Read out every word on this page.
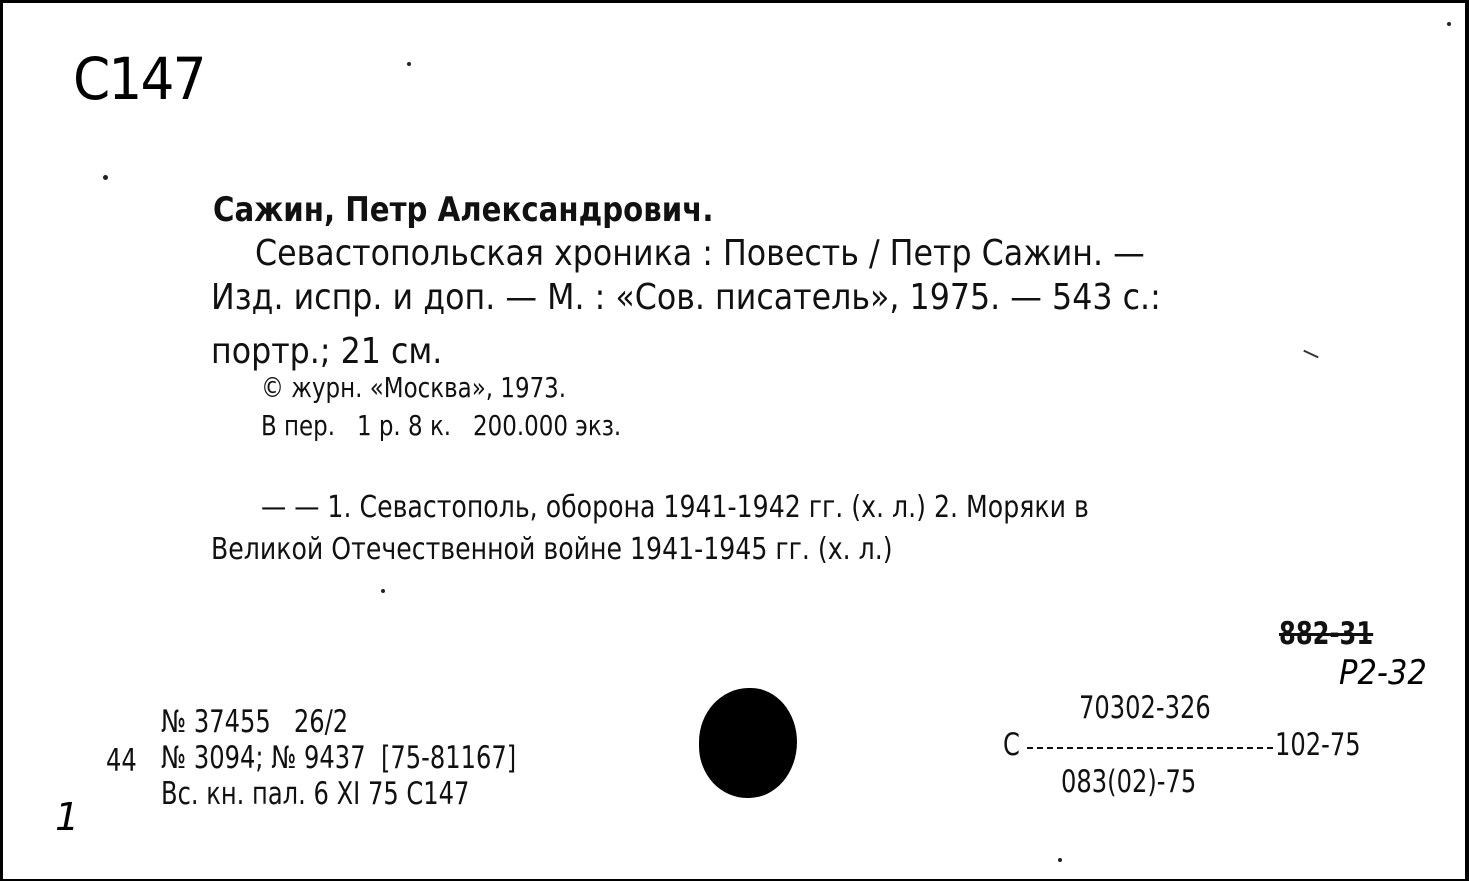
С147
Сажин, Петр Александрович.
Севастопольская хроника : Повесть / Петр Сажин. —
Изд. испр. и доп. — М. : «Сов. писатель», 1975. — 543 с.:
портр.; 21 см.
© журн. «Москва», 1973.
В пер.   1 р. 8 к.   200.000 экз.
— — 1. Севастополь, оборона 1941-1942 гг. (х. л.) 2. Моряки в
Великой Отечественной войне 1941-1945 гг. (х. л.)
882-31
Р2-32
№ 37455   26/2
44 № 3094; № 9437  [75-81167]
Вс. кн. пал. 6 XI 75 С147
1
70302-326
С	102-75
083(02)-75
